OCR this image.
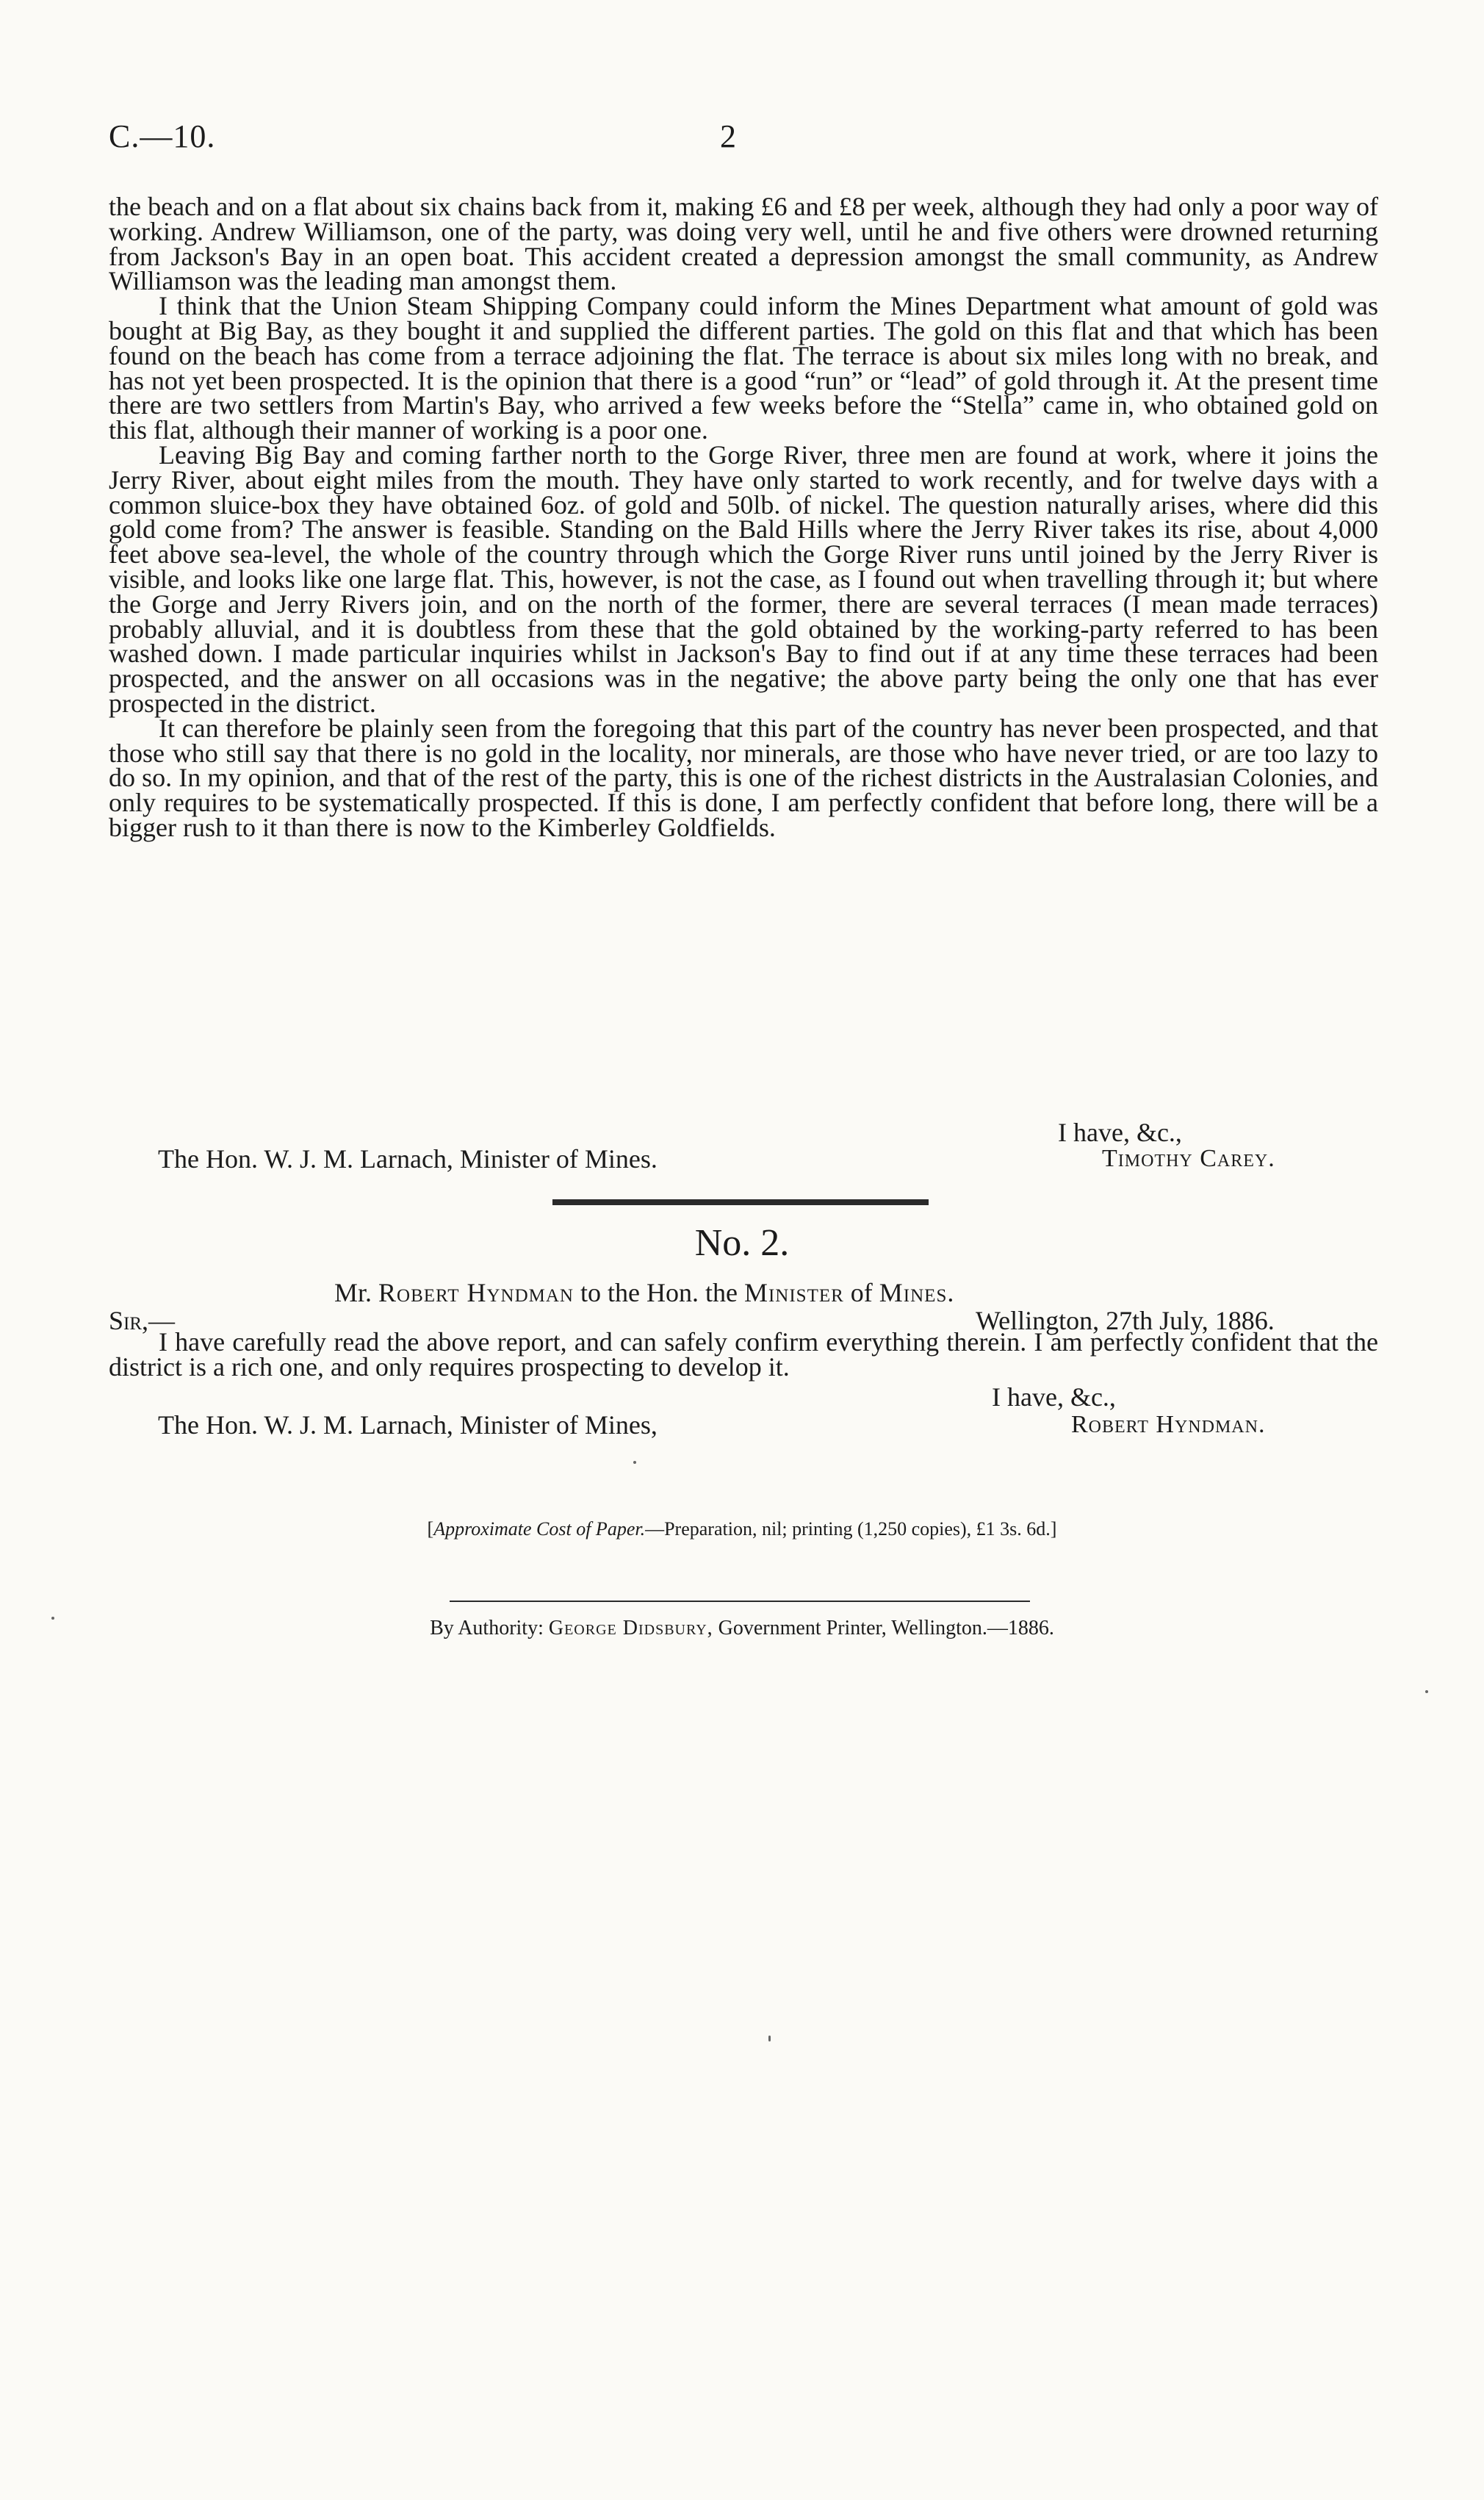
C.—10.	2

the beach and on a flat about six chains back from it, making £6 and £8 per week, although they had only a poor way of working. Andrew Williamson, one of the party, was doing very well, until he and five others were drowned returning from Jackson's Bay in an open boat. This accident created a depression amongst the small community, as Andrew Williamson was the leading man amongst them.

I think that the Union Steam Shipping Company could inform the Mines Department what amount of gold was bought at Big Bay, as they bought it and supplied the different parties. The gold on this flat and that which has been found on the beach has come from a terrace adjoining the flat. The terrace is about six miles long with no break, and has not yet been prospected. It is the opinion that there is a good “run” or “lead” of gold through it. At the present time there are two settlers from Martin's Bay, who arrived a few weeks before the “Stella” came in, who obtained gold on this flat, although their manner of working is a poor one.

Leaving Big Bay and coming farther north to the Gorge River, three men are found at work, where it joins the Jerry River, about eight miles from the mouth. They have only started to work recently, and for twelve days with a common sluice-box they have obtained 6oz. of gold and 50lb. of nickel. The question naturally arises, where did this gold come from? The answer is feasible. Standing on the Bald Hills where the Jerry River takes its rise, about 4,000 feet above sea-level, the whole of the country through which the Gorge River runs until joined by the Jerry River is visible, and looks like one large flat. This, however, is not the case, as I found out when travelling through it; but where the Gorge and Jerry Rivers join, and on the north of the former, there are several terraces (I mean made terraces) probably alluvial, and it is doubtless from these that the gold obtained by the working-party referred to has been washed down. I made particular inquiries whilst in Jackson's Bay to find out if at any time these terraces had been prospected, and the answer on all occasions was in the negative; the above party being the only one that has ever prospected in the district.

It can therefore be plainly seen from the foregoing that this part of the country has never been prospected, and that those who still say that there is no gold in the locality, nor minerals, are those who have never tried, or are too lazy to do so. In my opinion, and that of the rest of the party, this is one of the richest districts in the Australasian Colonies, and only requires to be systematically prospected. If this is done, I am perfectly confident that before long, there will be a bigger rush to it than there is now to the Kimberley Goldfields.

I have, &c.,
The Hon. W. J. M. Larnach, Minister of Mines.	Timothy Carey.
No. 2.
Mr. Robert Hyndman to the Hon. the Minister of Mines.
Sir,—	Wellington, 27th July, 1886.

I have carefully read the above report, and can safely confirm everything therein. I am perfectly confident that the district is a rich one, and only requires prospecting to develop it.

I have, &c.,
The Hon. W. J. M. Larnach, Minister of Mines,	Robert Hyndman.
[Approximate Cost of Paper.—Preparation, nil; printing (1,250 copies), £1 3s. 6d.]
By Authority: George Didsbury, Government Printer, Wellington.—1886.
